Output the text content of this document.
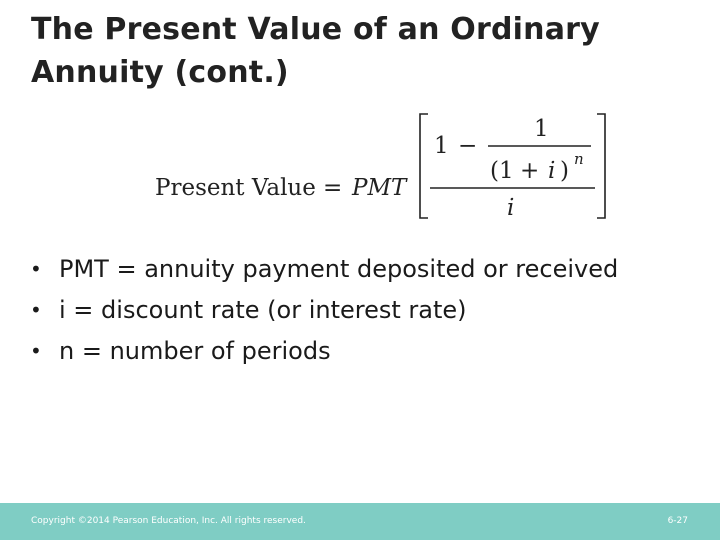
The Present Value of an Ordinary Annuity (cont.)
Present Value = PMT
1 −
1
(1 + i ) n
i
• PMT = annuity payment deposited or received
• i = discount rate (or interest rate)
• n = number of periods
Copyright ©2014 Pearson Education, Inc. All rights reserved.	6-27
